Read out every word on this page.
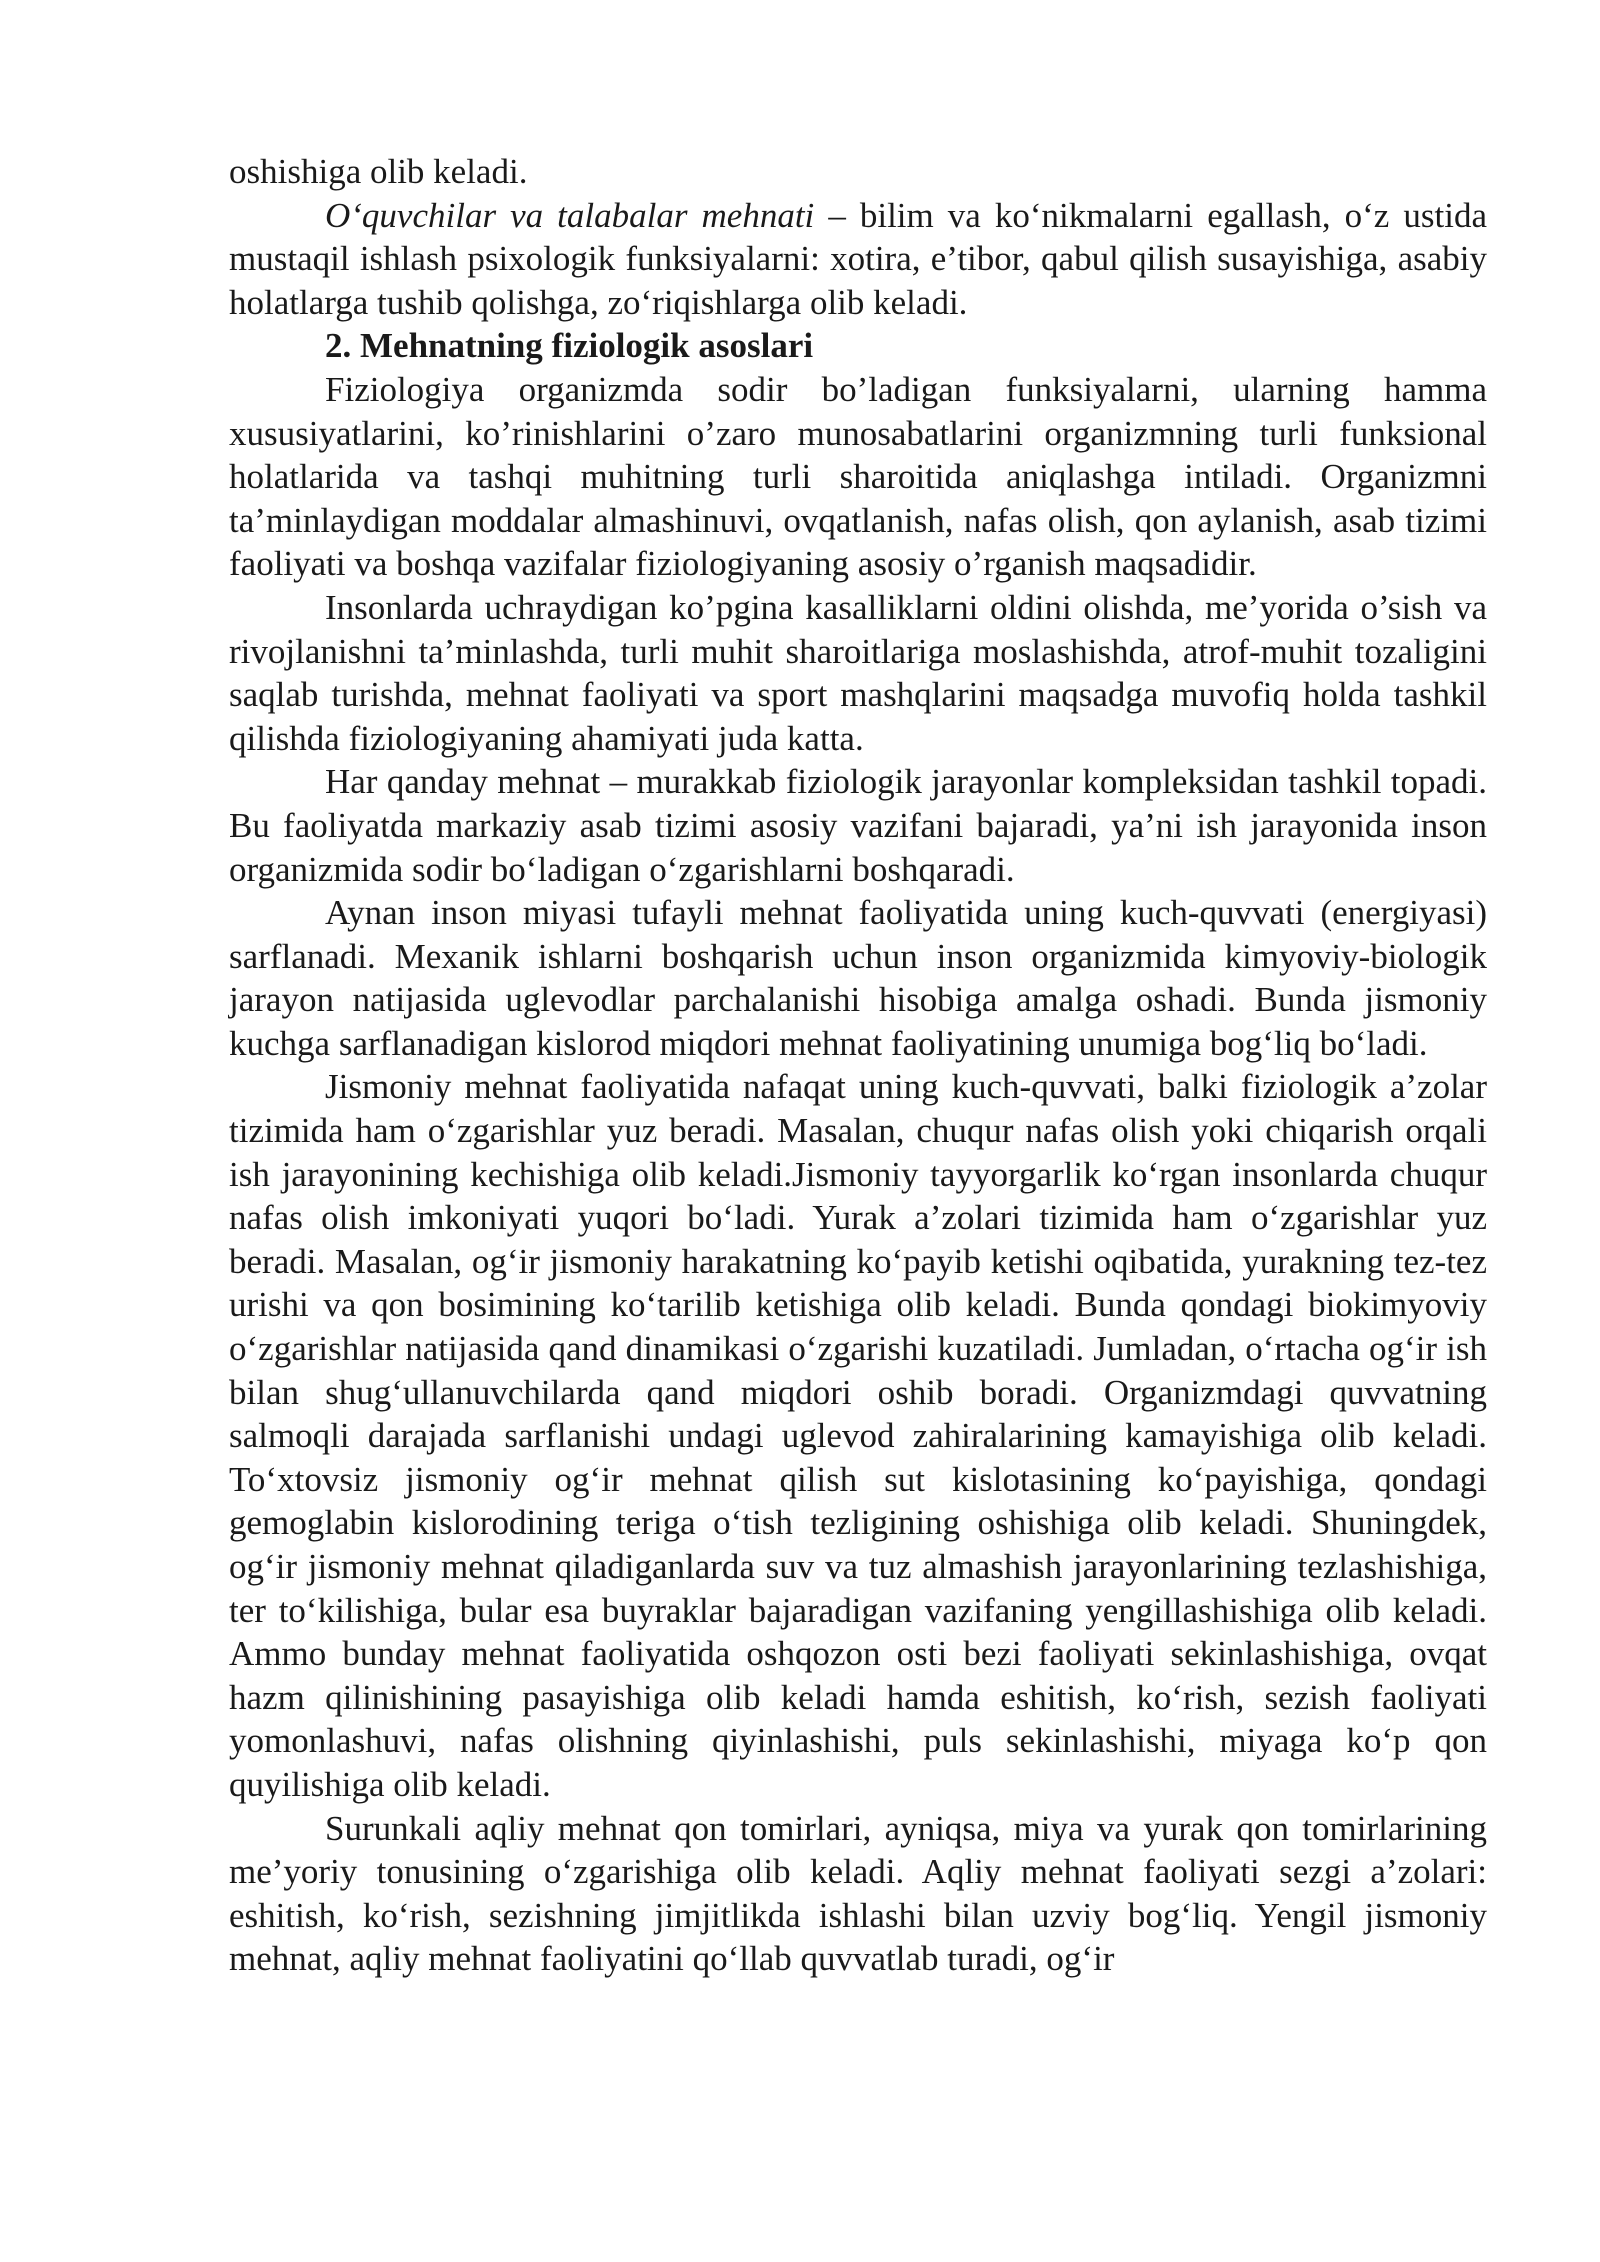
oshishiga olib keladi.

O‘quvchilar va talabalar mehnati – bilim va ko‘nikmalarni egallash, o‘z ustida mustaqil ishlash psixologik funksiyalarni: xotira, e’tibor, qabul qilish susayishiga, asabiy holatlarga tushib qolishga, zo‘riqishlarga olib keladi.

2. Mehnatning fiziologik asoslari

Fiziologiya organizmda sodir bo’ladigan funksiyalarni, ularning hamma xususiyatlarini, ko’rinishlarini o’zaro munosabatlarini organizmning turli funksional holatlarida va tashqi muhitning turli sharoitida aniqlashga intiladi. Organizmni ta’minlaydigan moddalar almashinuvi, ovqatlanish, nafas olish, qon aylanish, asab tizimi faoliyati va boshqa vazifalar fiziologiyaning asosiy o’rganish maqsadidir.

Insonlarda uchraydigan ko’pgina kasalliklarni oldini olishda, me’yorida o’sish va rivojlanishni ta’minlashda, turli muhit sharoitlariga moslashishda, atrof-muhit tozaligini saqlab turishda, mehnat faoliyati va sport mashqlarini maqsadga muvofiq holda tashkil qilishda fiziologiyaning ahamiyati juda katta.

Har qanday mehnat – murakkab fiziologik jarayonlar kompleksidan tashkil topadi. Bu faoliyatda markaziy asab tizimi asosiy vazifani bajaradi, ya’ni ish jarayonida inson organizmida sodir bo‘ladigan o‘zgarishlarni boshqaradi.

Aynan inson miyasi tufayli mehnat faoliyatida uning kuch-quvvati (energiyasi) sarflanadi. Mexanik ishlarni boshqarish uchun inson organizmida kimyoviy-biologik jarayon natijasida uglevodlar parchalanishi hisobiga amalga oshadi. Bunda jismoniy kuchga sarflanadigan kislorod miqdori mehnat faoliyatining unumiga bog‘liq bo‘ladi.

Jismoniy mehnat faoliyatida nafaqat uning kuch-quvvati, balki fiziologik a’zolar tizimida ham o‘zgarishlar yuz beradi. Masalan, chuqur nafas olish yoki chiqarish orqali ish jarayonining kechishiga olib keladi.Jismoniy tayyorgarlik ko‘rgan insonlarda chuqur nafas olish imkoniyati yuqori bo‘ladi. Yurak a’zolari tizimida ham o‘zgarishlar yuz beradi. Masalan, og‘ir jismoniy harakatning ko‘payib ketishi oqibatida, yurakning tez-tez urishi va qon bosimining ko‘tarilib ketishiga olib keladi. Bunda qondagi biokimyoviy o‘zgarishlar natijasida qand dinamikasi o‘zgarishi kuzatiladi. Jumladan, o‘rtacha og‘ir ish bilan shug‘ullanuvchilarda qand miqdori oshib boradi. Organizmdagi quvvatning salmoqli darajada sarflanishi undagi uglevod zahiralarining kamayishiga olib keladi. To‘xtovsiz jismoniy og‘ir mehnat qilish sut kislotasining ko‘payishiga, qondagi gemoglabin kislorodining teriga o‘tish tezligining oshishiga olib keladi. Shuningdek, og‘ir jismoniy mehnat qiladiganlarda suv va tuz almashish jarayonlarining tezlashishiga, ter to‘kilishiga, bular esa buyraklar bajaradigan vazifaning yengillashishiga olib keladi. Ammo bunday mehnat faoliyatida oshqozon osti bezi faoliyati sekinlashishiga, ovqat hazm qilinishining pasayishiga olib keladi hamda eshitish, ko‘rish, sezish faoliyati yomonlashuvi, nafas olishning qiyinlashishi, puls sekinlashishi, miyaga ko‘p qon quyilishiga olib keladi.

Surunkali aqliy mehnat qon tomirlari, ayniqsa, miya va yurak qon tomirlarining me’yoriy tonusining o‘zgarishiga olib keladi. Aqliy mehnat faoliyati sezgi a’zolari: eshitish, ko‘rish, sezishning jimjitlikda ishlashi bilan uzviy bog‘liq. Yengil jismoniy mehnat, aqliy mehnat faoliyatini qo‘llab quvvatlab turadi, og‘ir
